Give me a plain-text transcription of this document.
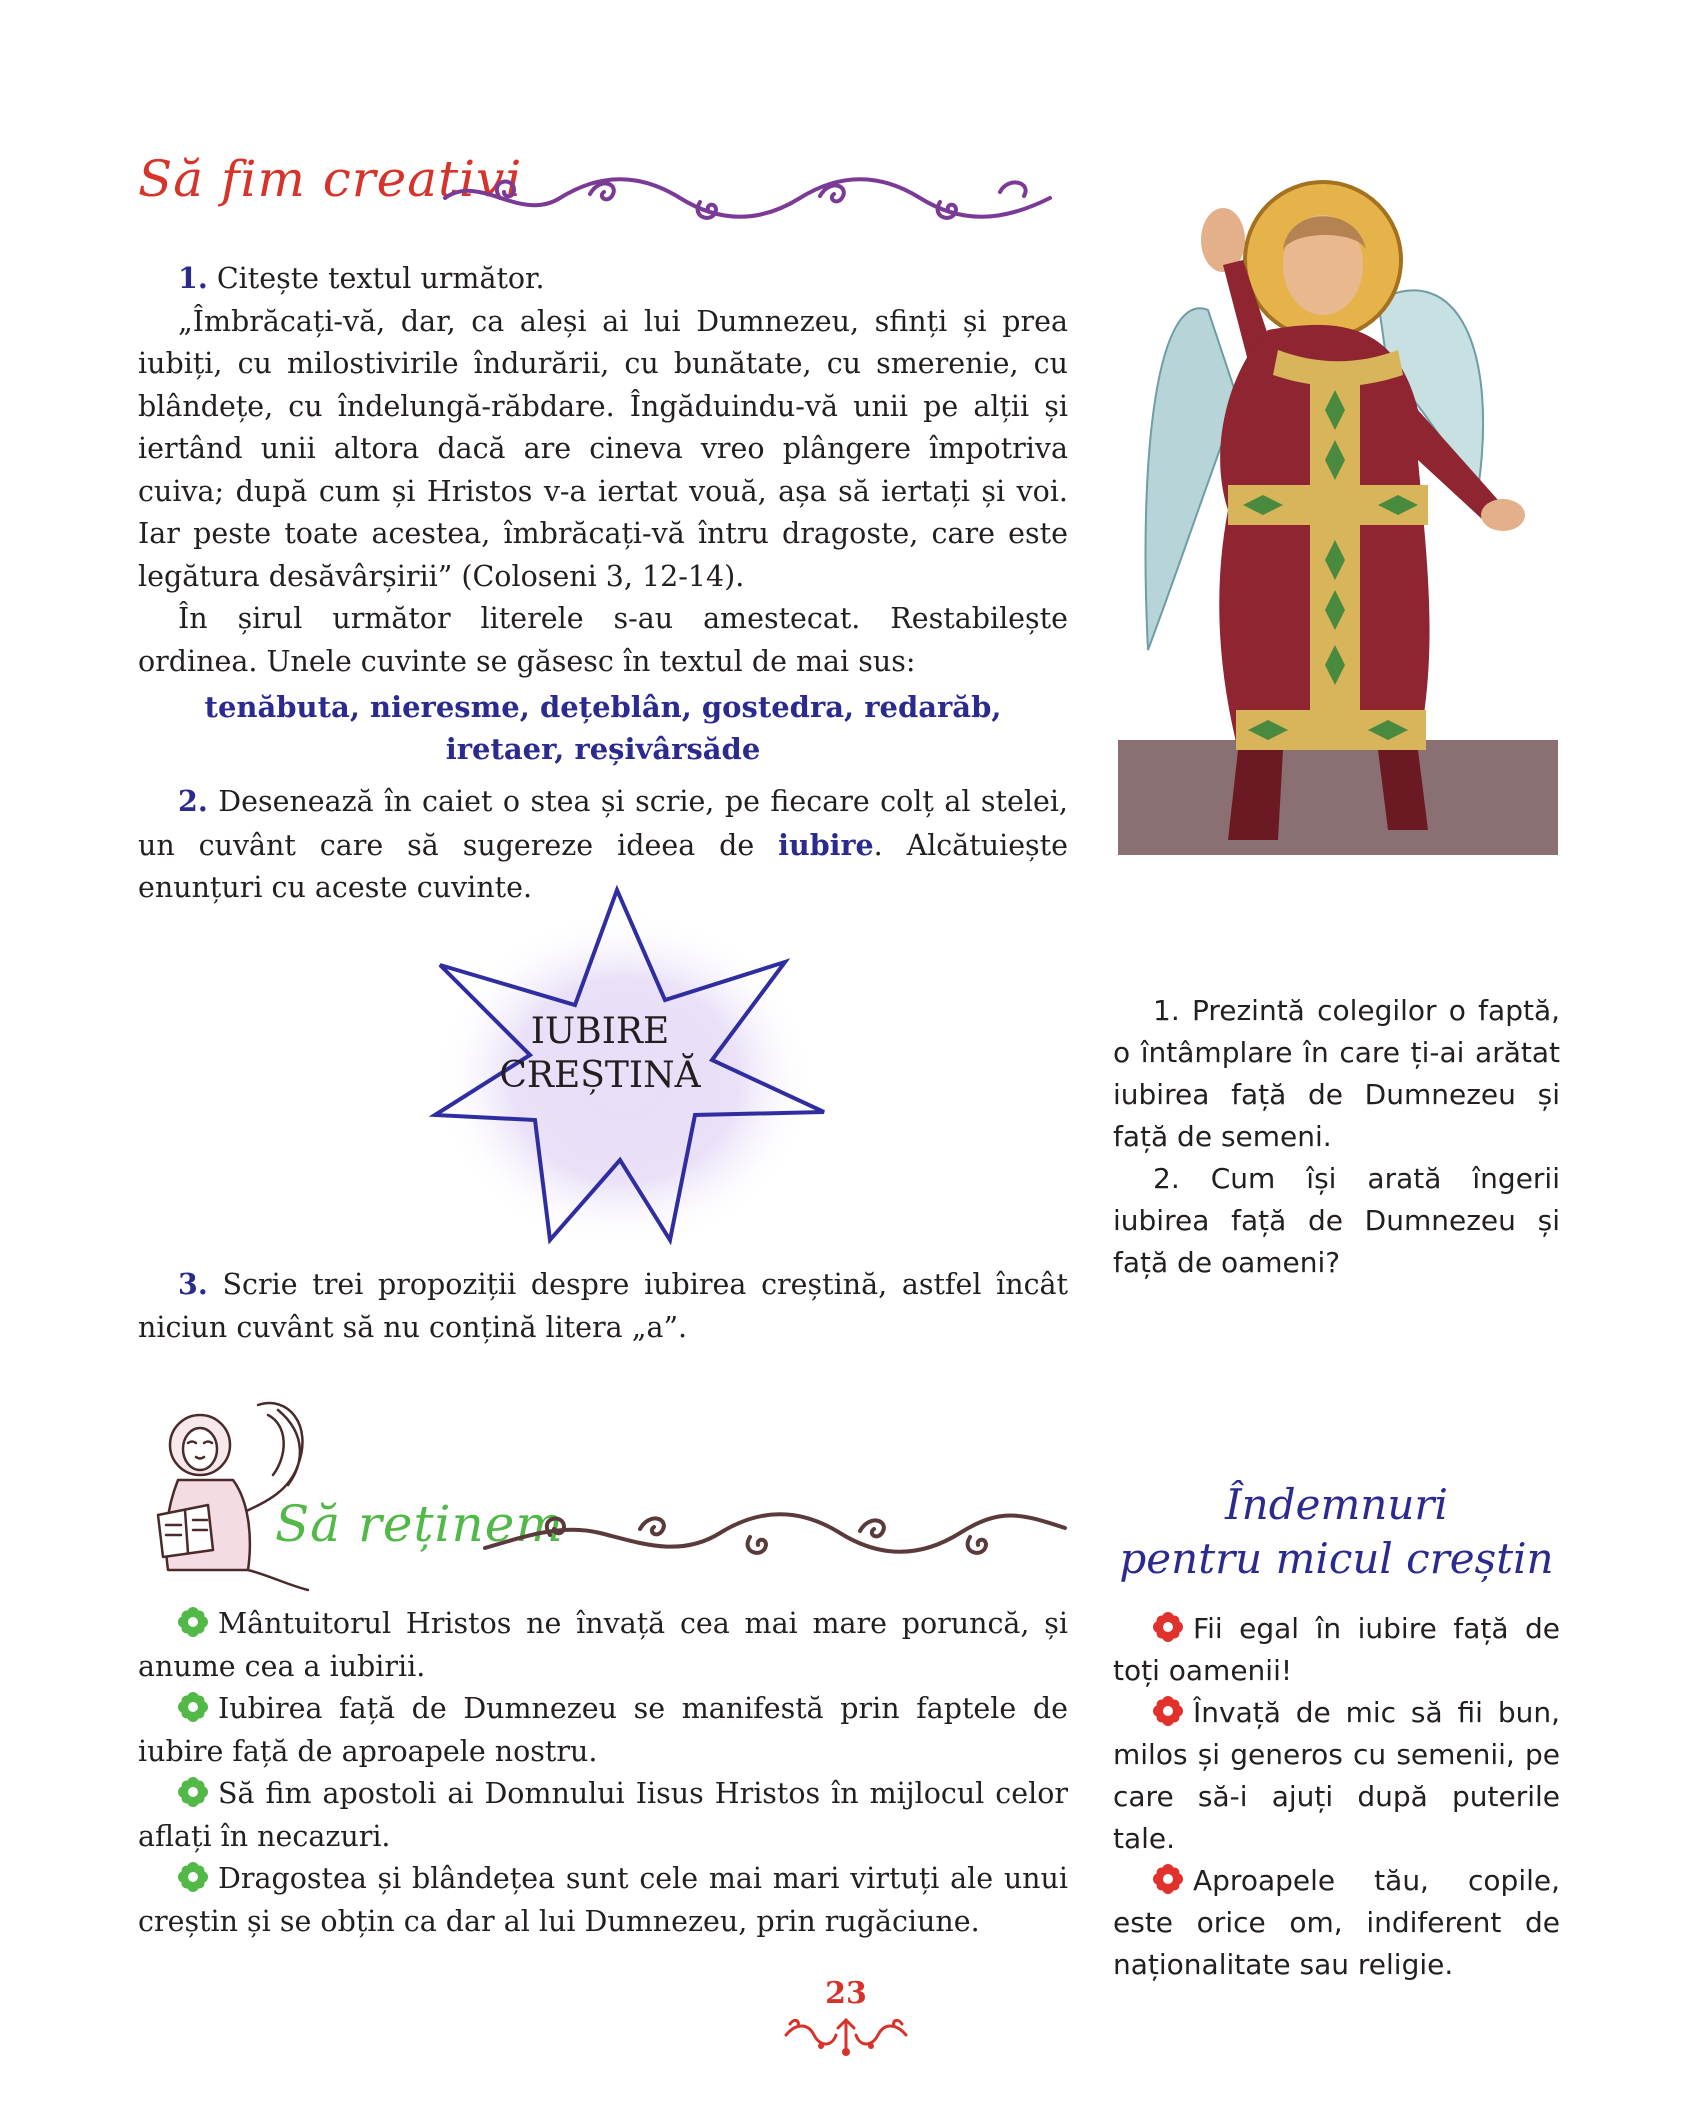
Să fim creativi

1. Citește textul următor.

„Îmbrăcați-vă, dar, ca aleși ai lui Dumnezeu, sfinți și prea iubiți, cu milostivirile îndurării, cu bunătate, cu smerenie, cu blândețe, cu îndelungă-răbdare. Îngăduindu-vă unii pe alții și iertând unii altora dacă are cineva vreo plângere împotriva cuiva; după cum și Hristos v-a iertat vouă, așa să iertați și voi. Iar peste toate acestea, îmbrăcați-vă întru dragoste, care este legătura desăvârșirii” (Coloseni 3, 12-14).

În șirul următor literele s-au amestecat. Restabilește ordinea. Unele cuvinte se găsesc în textul de mai sus:

tenăbuta, nieresme, dețeblân, gostedra, redarăb,
iretaer, reșivârsăde

2. Desenează în caiet o stea și scrie, pe fiecare colț al stelei, un cuvânt care să sugereze ideea de iubire. Alcătuiește enunțuri cu aceste cuvinte.

IUBIRE
CREȘTINĂ

3. Scrie trei propoziții despre iubirea creștină, astfel încât niciun cuvânt să nu conțină litera „a”.

1. Prezintă colegilor o faptă, o întâmplare în care ți-ai arătat iubirea față de Dumnezeu și față de semeni.

2. Cum își arată îngerii iubirea față de Dumnezeu și față de oameni?

Să reținem

Mântuitorul Hristos ne învață cea mai mare poruncă, și anume cea a iubirii.

Iubirea față de Dumnezeu se manifestă prin faptele de iubire față de aproapele nostru.

Să fim apostoli ai Domnului Iisus Hristos în mijlocul celor aflați în necazuri.

Dragostea și blândețea sunt cele mai mari virtuți ale unui creștin și se obțin ca dar al lui Dumnezeu, prin rugăciune.

Îndemnuri
pentru micul creștin

Fii egal în iubire față de toți oamenii!

Învață de mic să fii bun, milos și generos cu semenii, pe care să-i ajuți după puterile tale.

Aproapele tău, copile, este orice om, indiferent de naționalitate sau religie.

23
